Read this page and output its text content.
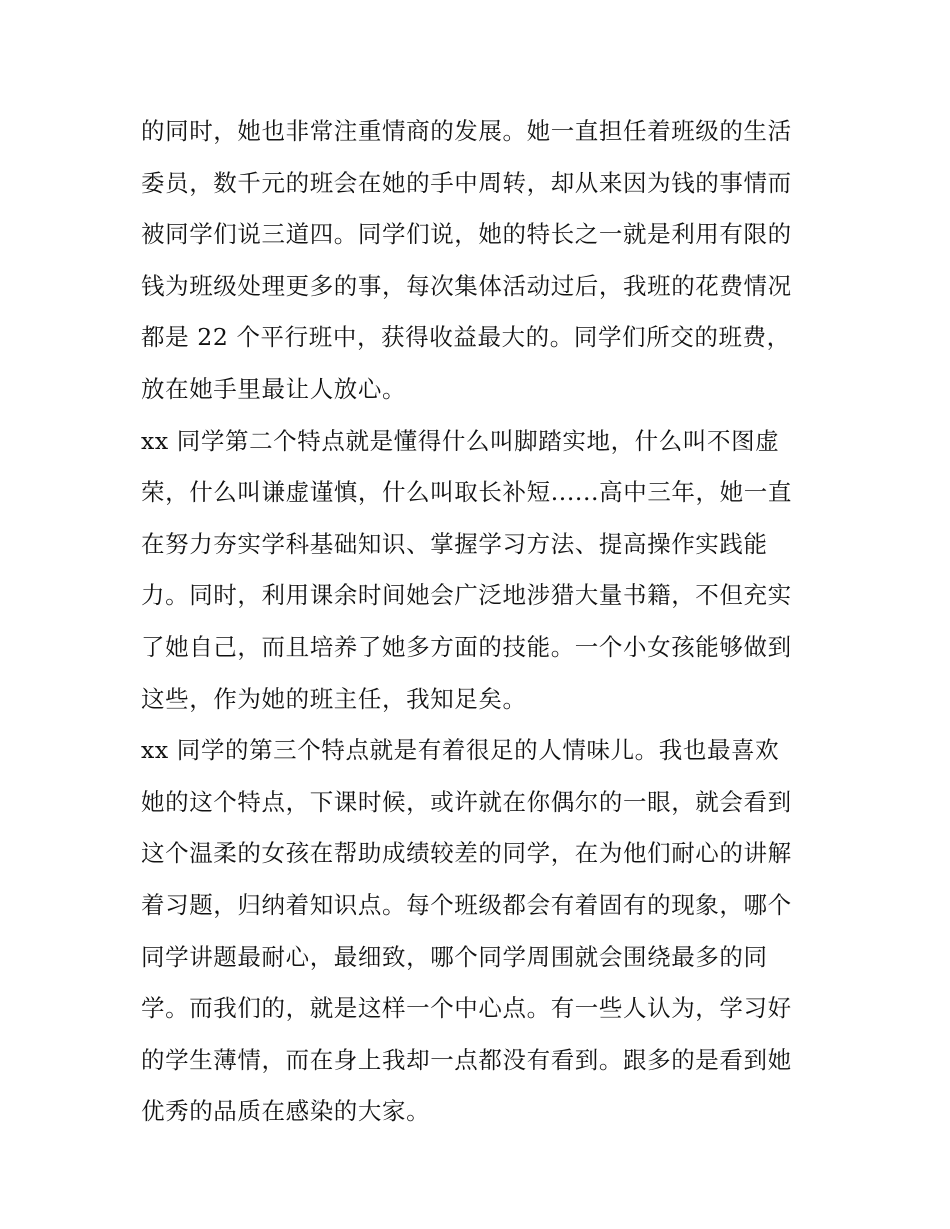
的同时，她也非常注重情商的发展。她一直担任着班级的生活
委员，数千元的班会在她的手中周转，却从来因为钱的事情而
被同学们说三道四。同学们说，她的特长之一就是利用有限的
钱为班级处理更多的事，每次集体活动过后，我班的花费情况
都是 22 个平行班中，获得收益最大的。同学们所交的班费，
放在她手里最让人放心。
xx 同学第二个特点就是懂得什么叫脚踏实地，什么叫不图虚
荣，什么叫谦虚谨慎，什么叫取长补短......高中三年，她一直
在努力夯实学科基础知识、掌握学习方法、提高操作实践能
力。同时，利用课余时间她会广泛地涉猎大量书籍，不但充实
了她自己，而且培养了她多方面的技能。一个小女孩能够做到
这些，作为她的班主任，我知足矣。
xx 同学的第三个特点就是有着很足的人情味儿。我也最喜欢
她的这个特点，下课时候，或许就在你偶尔的一眼，就会看到
这个温柔的女孩在帮助成绩较差的同学，在为他们耐心的讲解
着习题，归纳着知识点。每个班级都会有着固有的现象，哪个
同学讲题最耐心，最细致，哪个同学周围就会围绕最多的同
学。而我们的，就是这样一个中心点。有一些人认为，学习好
的学生薄情，而在身上我却一点都没有看到。跟多的是看到她
优秀的品质在感染的大家。
